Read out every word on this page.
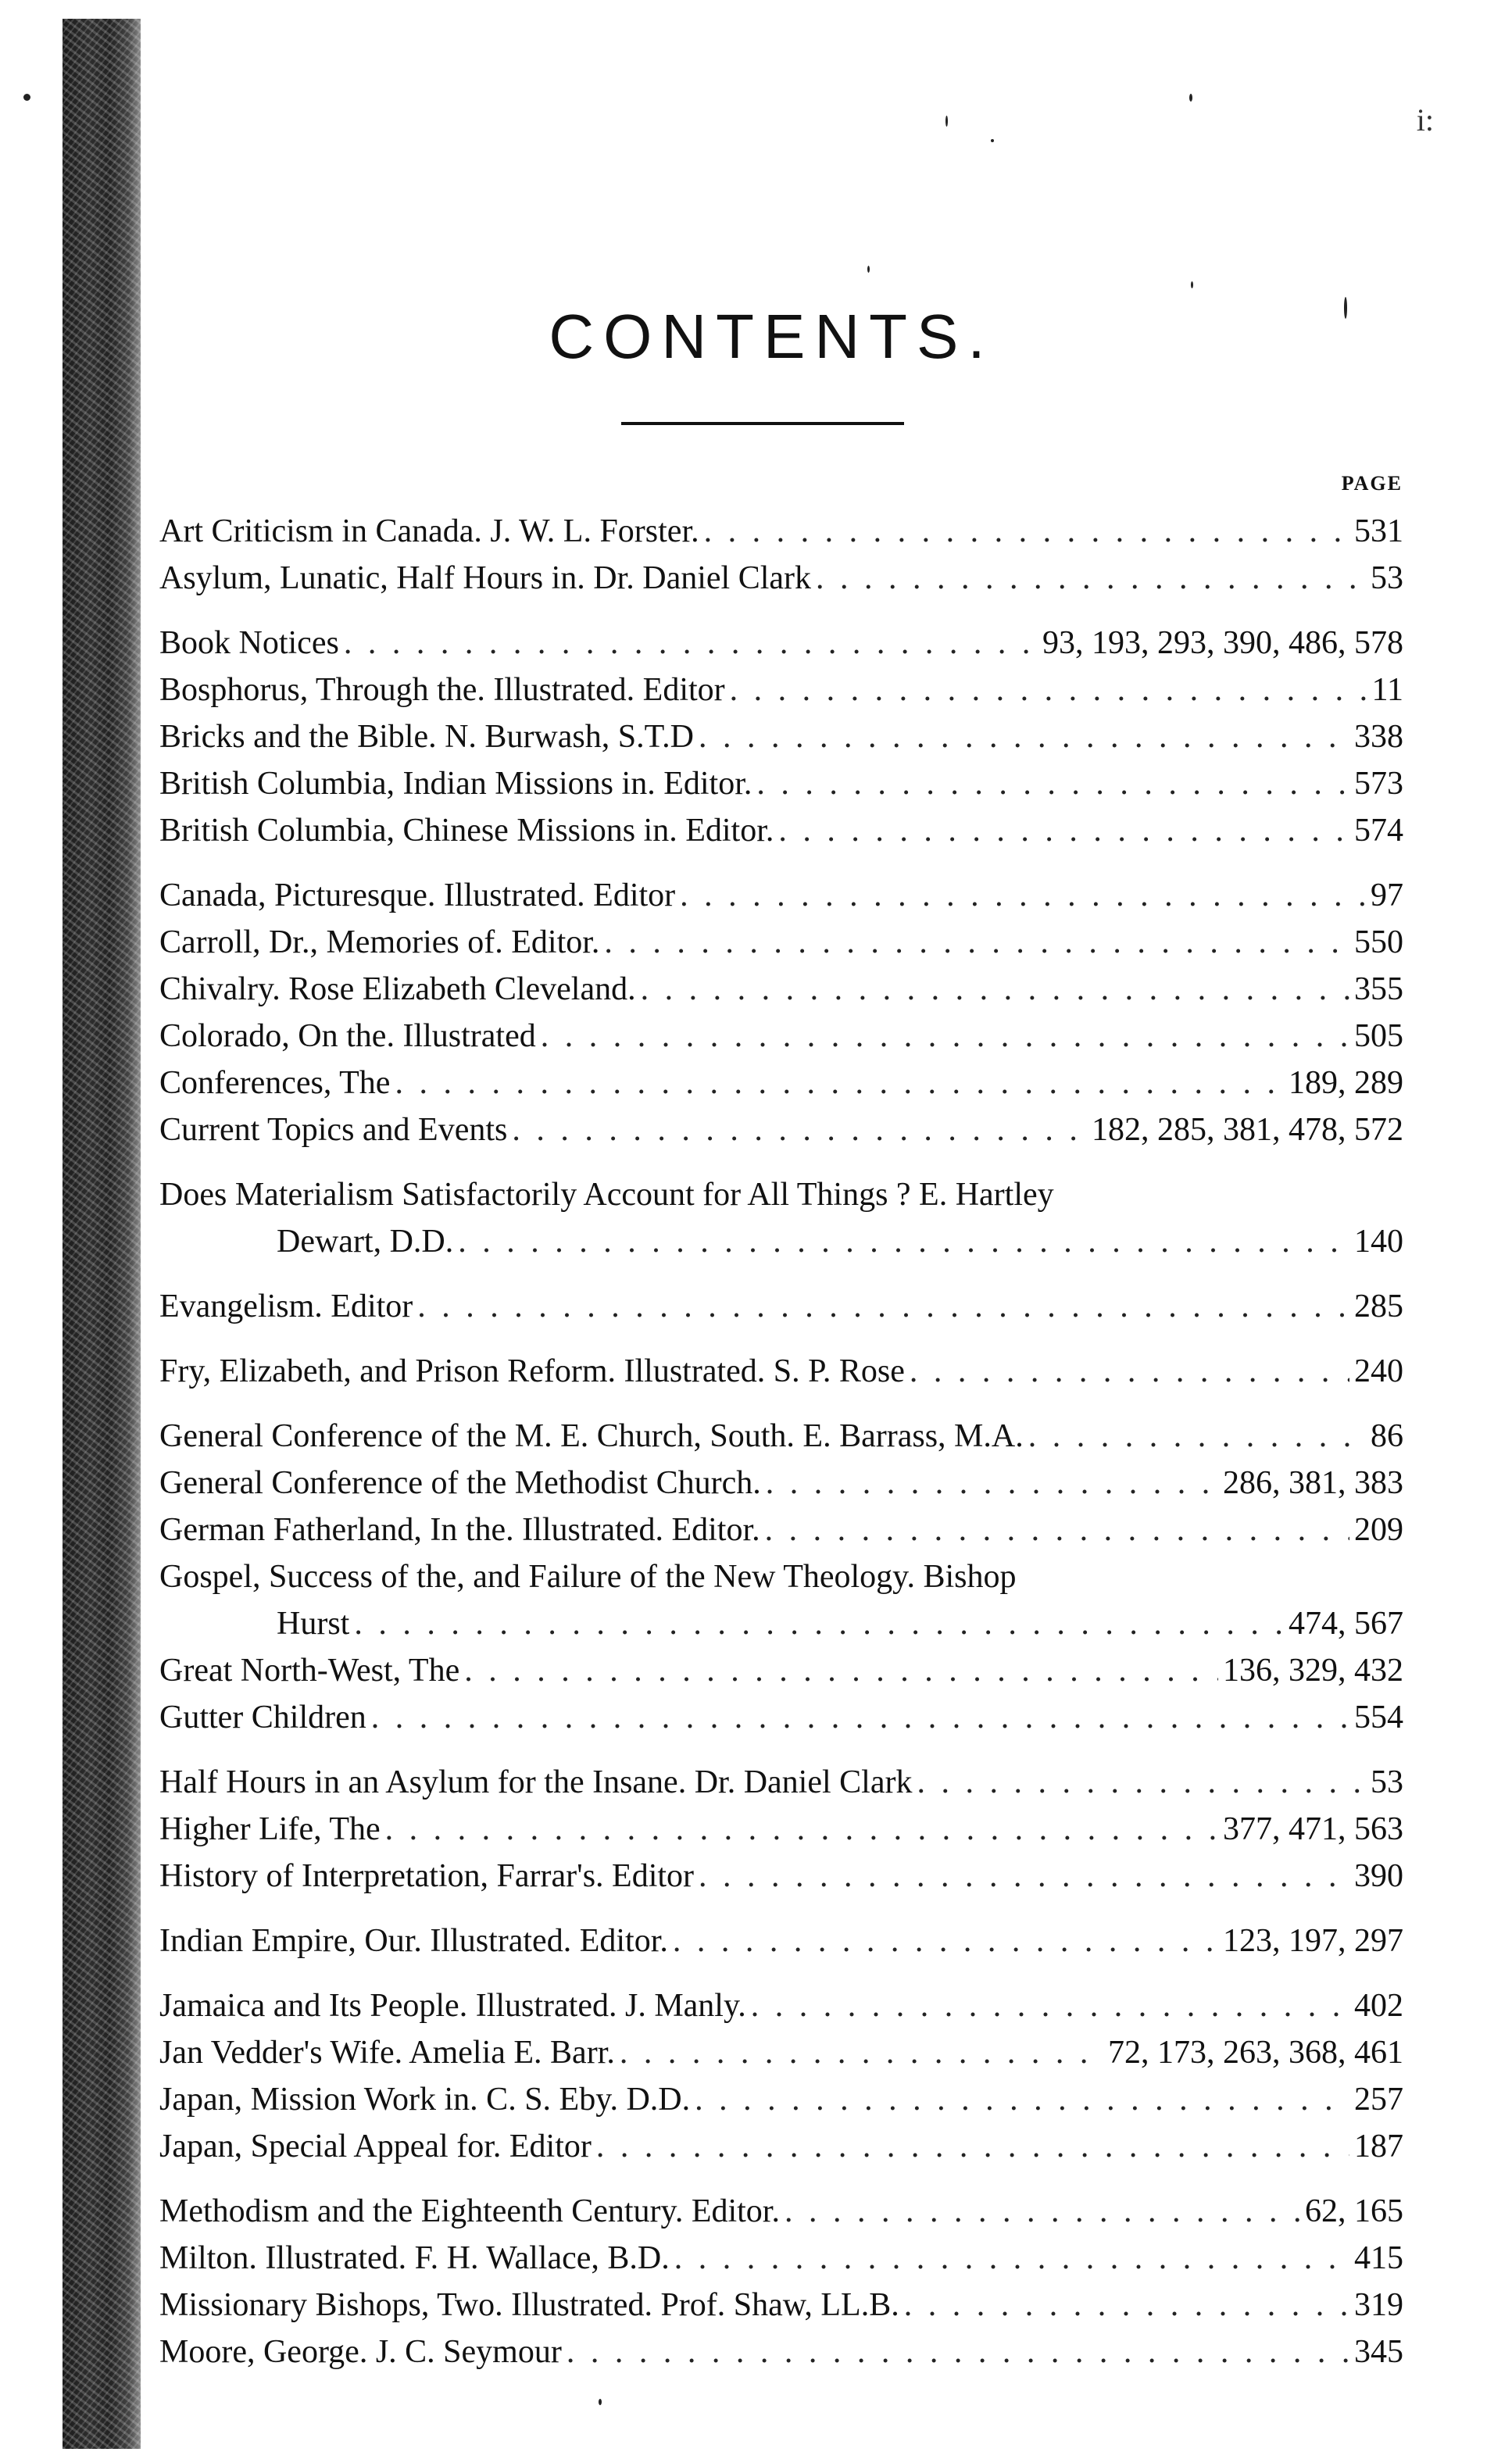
i:
CONTENTS.
PAGE
Art Criticism in Canada. J. W. L. Forster. . . .	531
Asylum, Lunatic, Half Hours in. Dr. Daniel Clark . . .	53
Book Notices . . .	93, 193, 293, 390, 486, 578
Bosphorus, Through the. Illustrated. Editor . . .	11
Bricks and the Bible. N. Burwash, S.T.D . . .	338
British Columbia, Indian Missions in. Editor. . . .	573
British Columbia, Chinese Missions in. Editor. . . .	574
Canada, Picturesque. Illustrated. Editor . . .	97
Carroll, Dr., Memories of. Editor. . . .	550
Chivalry. Rose Elizabeth Cleveland. . . .	355
Colorado, On the. Illustrated . . .	505
Conferences, The . . .	189, 289
Current Topics and Events . . .	182, 285, 381, 478, 572
Does Materialism Satisfactorily Account for All Things ? E. Hartley
Dewart, D.D. . . .	140
Evangelism. Editor . . .	285
Fry, Elizabeth, and Prison Reform. Illustrated. S. P. Rose . . .	240
General Conference of the M. E. Church, South. E. Barrass, M.A. . . .	86
General Conference of the Methodist Church. . . .	286, 381, 383
German Fatherland, In the. Illustrated. Editor. . . .	209
Gospel, Success of the, and Failure of the New Theology. Bishop
Hurst . . .	474, 567
Great North-West, The . . .	136, 329, 432
Gutter Children . . .	554
Half Hours in an Asylum for the Insane. Dr. Daniel Clark . . .	53
Higher Life, The . . .	377, 471, 563
History of Interpretation, Farrar's. Editor . . .	390
Indian Empire, Our. Illustrated. Editor. . . .	123, 197, 297
Jamaica and Its People. Illustrated. J. Manly. . . .	402
Jan Vedder's Wife. Amelia E. Barr. . . .	72, 173, 263, 368, 461
Japan, Mission Work in. C. S. Eby. D.D. . . .	257
Japan, Special Appeal for. Editor . . .	187
Methodism and the Eighteenth Century. Editor. . . .	62, 165
Milton. Illustrated. F. H. Wallace, B.D. . . .	415
Missionary Bishops, Two. Illustrated. Prof. Shaw, LL.B. . . .	319
Moore, George. J. C. Seymour . . .	345
